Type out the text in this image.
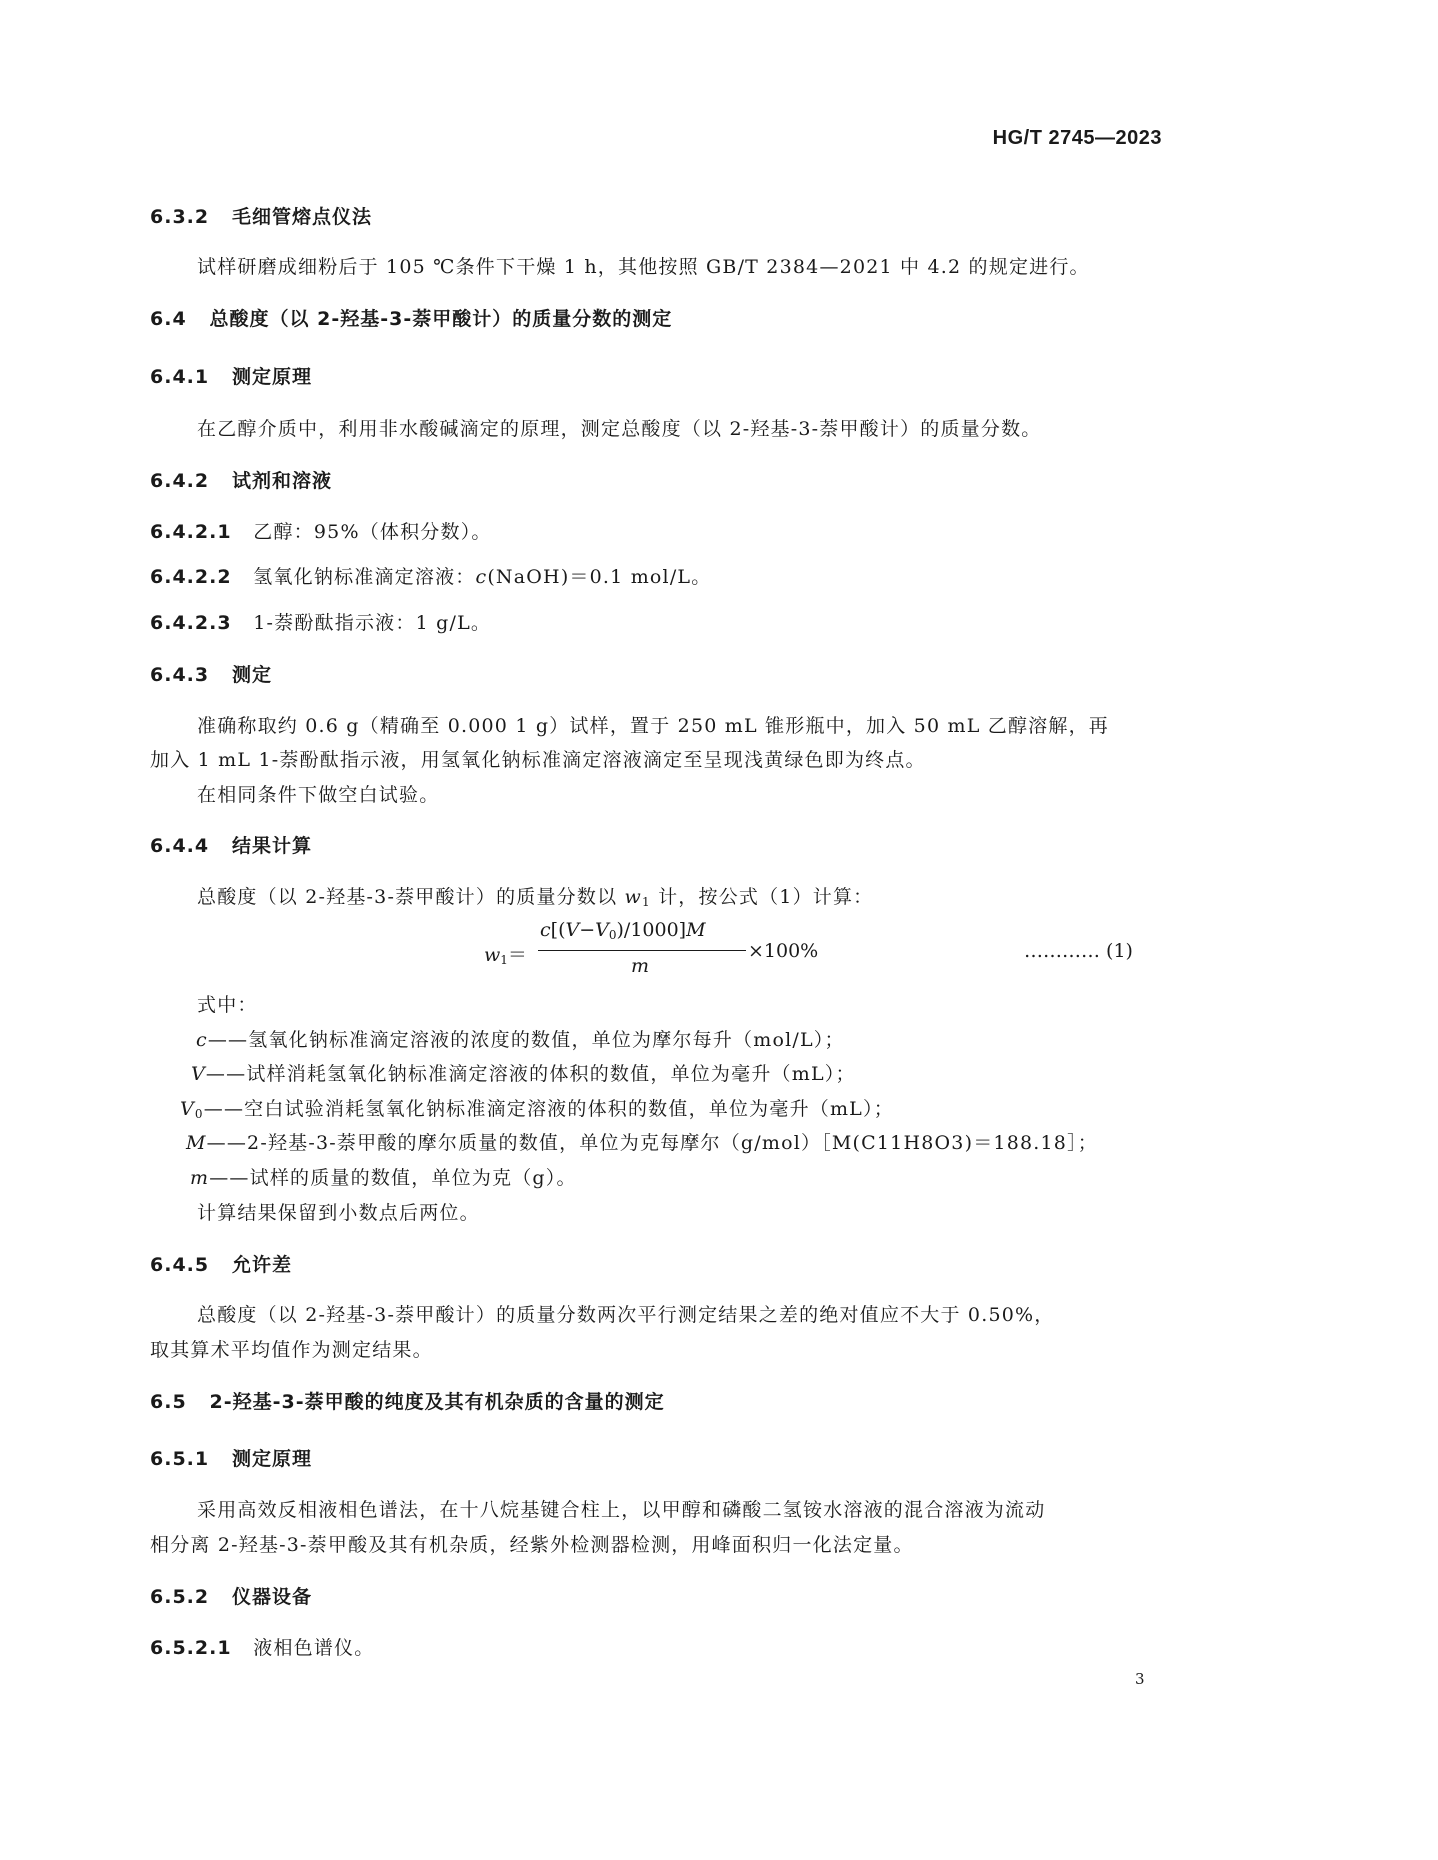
HG/T 2745—2023
6.3.2 毛细管熔点仪法
试样研磨成细粉后于 105 ℃条件下干燥 1 h，其他按照 GB/T 2384—2021 中 4.2 的规定进行。
6.4 总酸度（以 2-羟基-3-萘甲酸计）的质量分数的测定
6.4.1 测定原理
在乙醇介质中，利用非水酸碱滴定的原理，测定总酸度（以 2-羟基-3-萘甲酸计）的质量分数。
6.4.2 试剂和溶液
6.4.2.1 乙醇：95%（体积分数）。
6.4.2.2 氢氧化钠标准滴定溶液：c(NaOH)＝0.1 mol/L。
6.4.2.3 1-萘酚酞指示液：1 g/L。
6.4.3 测定
准确称取约 0.6 g（精确至 0.000 1 g）试样，置于 250 mL 锥形瓶中，加入 50 mL 乙醇溶解，再
加入 1 mL 1-萘酚酞指示液，用氢氧化钠标准滴定溶液滴定至呈现浅黄绿色即为终点。
在相同条件下做空白试验。
6.4.4 结果计算
总酸度（以 2-羟基-3-萘甲酸计）的质量分数以 $w_1$ 计，按公式（1）计算：
$w_1=$
$c[(V-V_0)/1000]M$
m
×100%	………… (1)
式中：
c——氢氧化钠标准滴定溶液的浓度的数值，单位为摩尔每升（mol/L）；
V——试样消耗氢氧化钠标准滴定溶液的体积的数值，单位为毫升（mL）；
$V_0——$空白试验消耗氢氧化钠标准滴定溶液的体积的数值，单位为毫升（mL）；
M——2-羟基-3-萘甲酸的摩尔质量的数值，单位为克每摩尔（g/mol）［M(C11H8O3)＝188.18］；
m——试样的质量的数值，单位为克（g）。
计算结果保留到小数点后两位。
6.4.5 允许差
总酸度（以 2-羟基-3-萘甲酸计）的质量分数两次平行测定结果之差的绝对值应不大于 0.50%，
取其算术平均值作为测定结果。
6.5 2-羟基-3-萘甲酸的纯度及其有机杂质的含量的测定
6.5.1 测定原理
采用高效反相液相色谱法，在十八烷基键合柱上，以甲醇和磷酸二氢铵水溶液的混合溶液为流动
相分离 2-羟基-3-萘甲酸及其有机杂质，经紫外检测器检测，用峰面积归一化法定量。
6.5.2 仪器设备
6.5.2.1 液相色谱仪。
3
